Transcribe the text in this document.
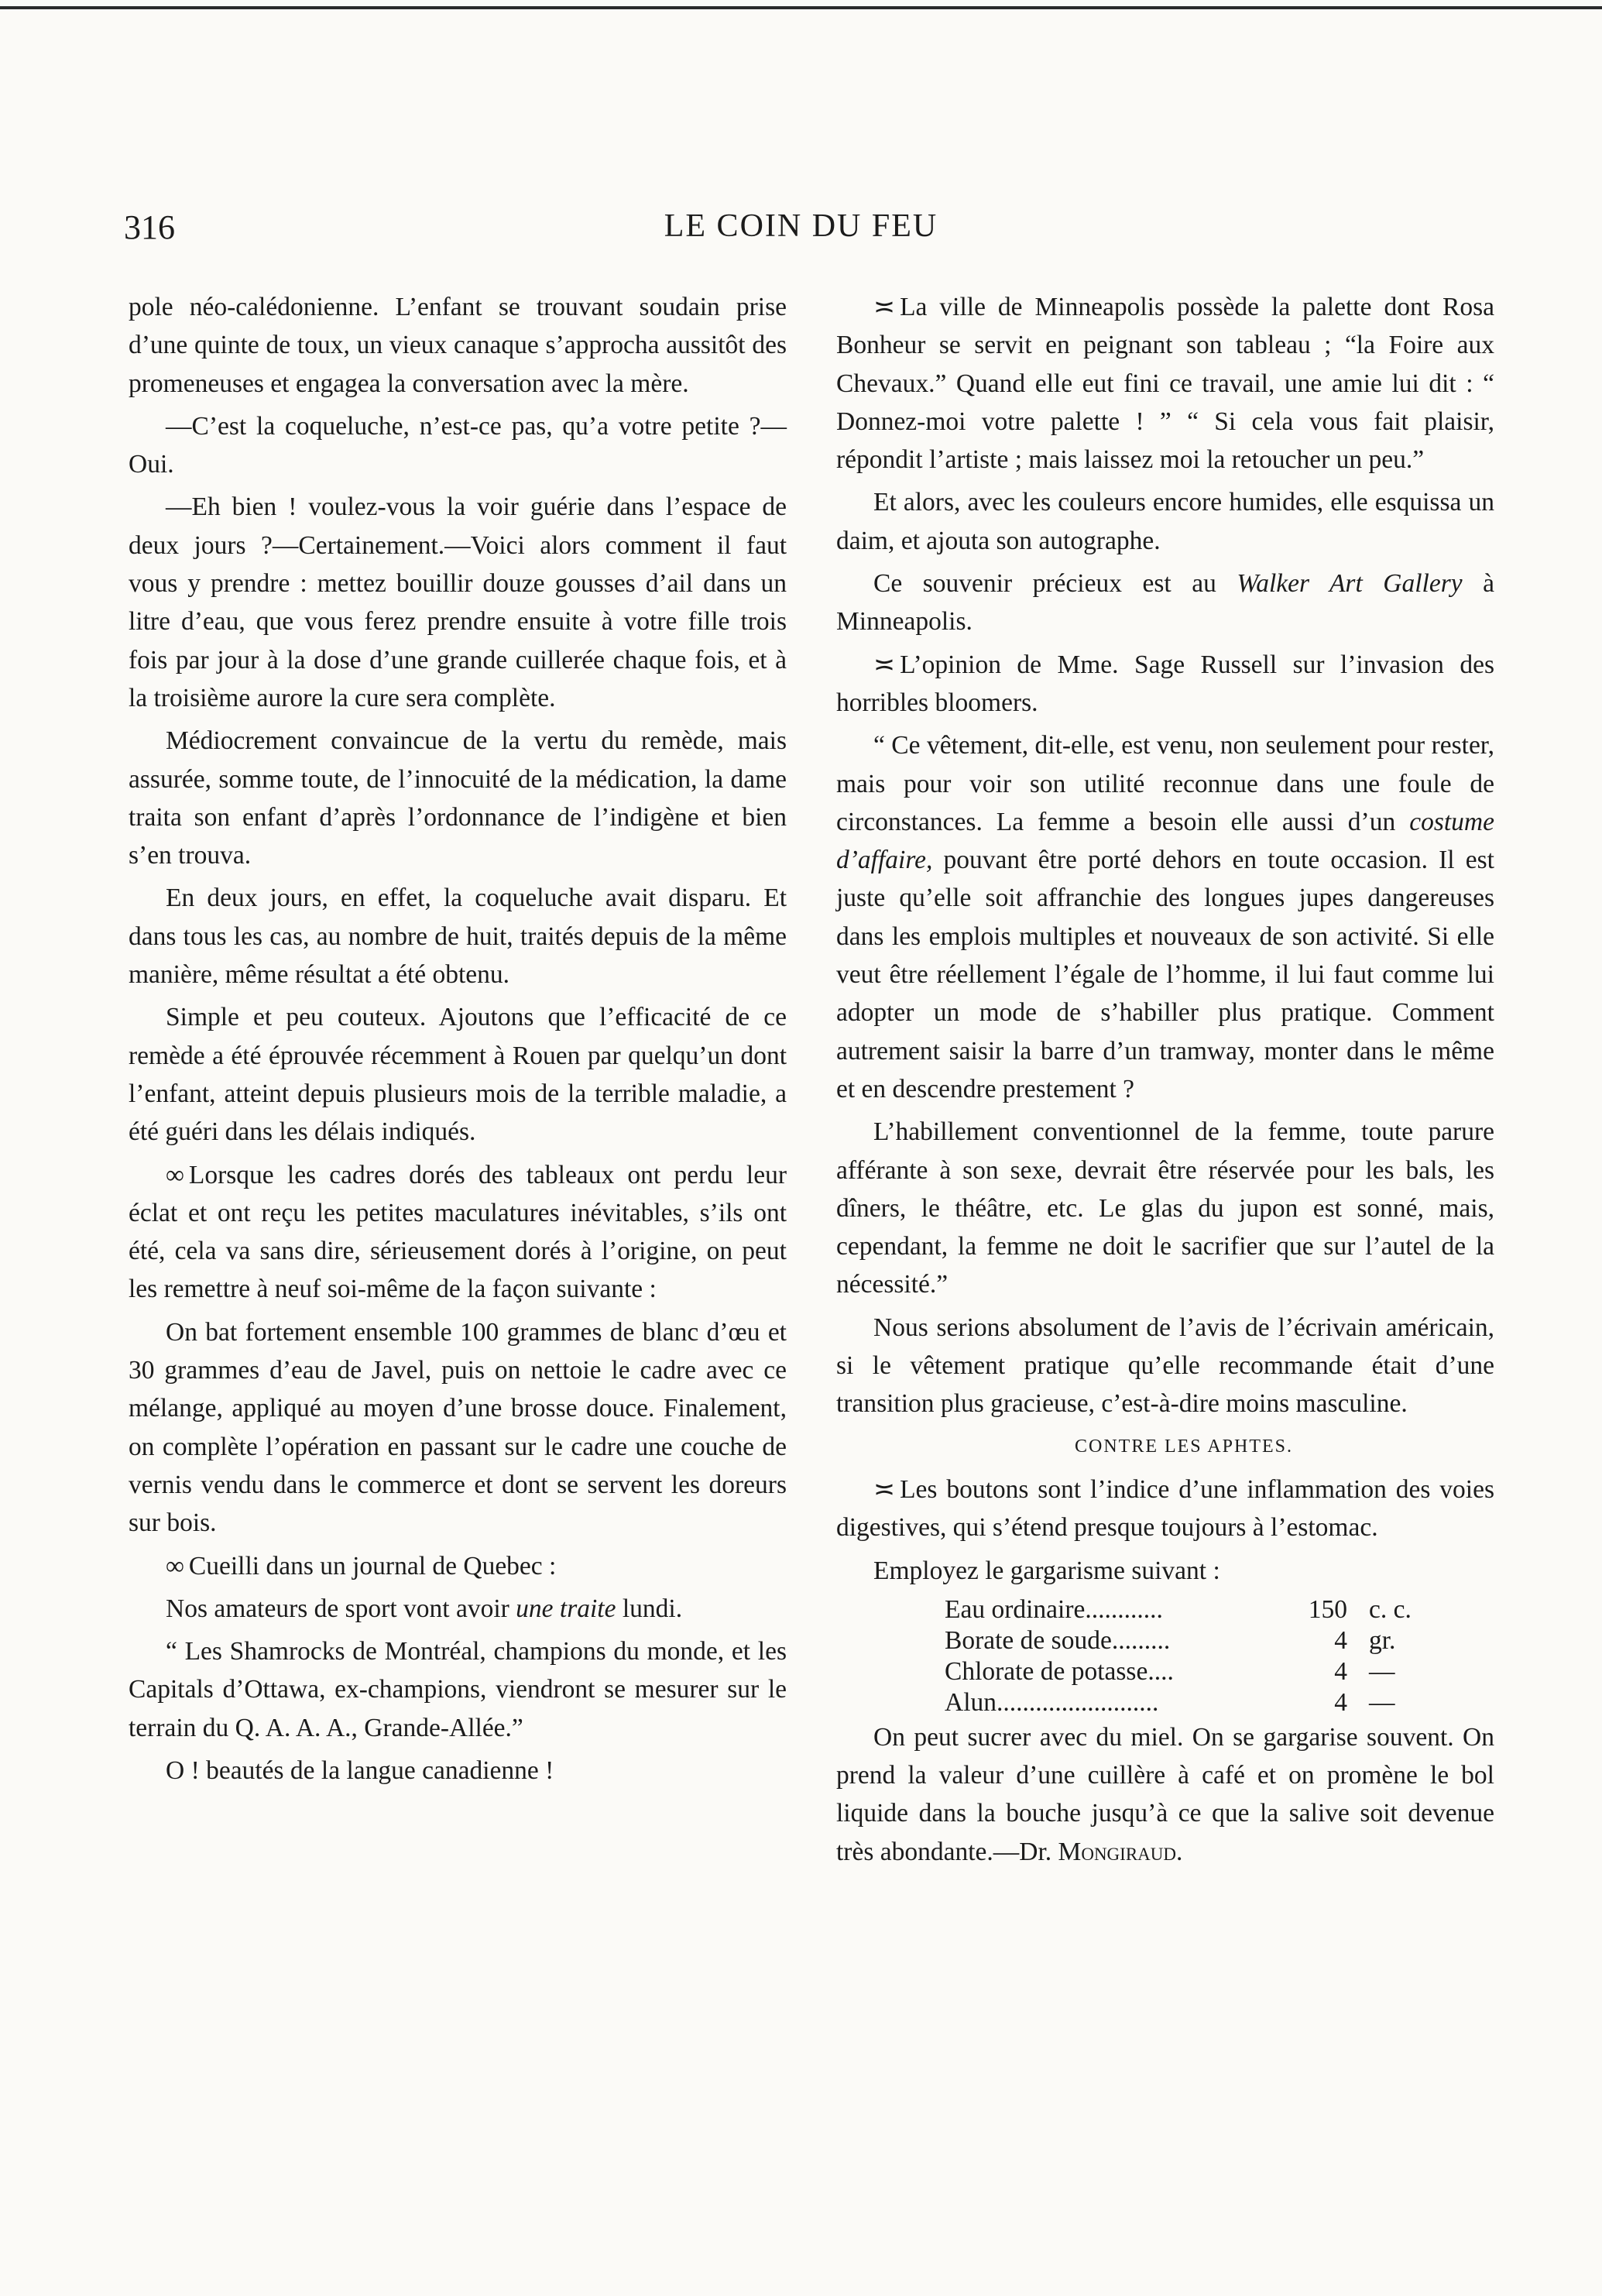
316	LE COIN DU FEU

pole néo-calédonienne. L’enfant se trouvant soudain prise d’une quinte de toux, un vieux canaque s’approcha aussitôt des promeneuses et engagea la conversation avec la mère.

—C’est la coqueluche, n’est-ce pas, qu’a votre petite ?—Oui.

—Eh bien ! voulez-vous la voir guérie dans l’espace de deux jours ?—Certainement.—Voici alors comment il faut vous y prendre : mettez bouillir douze gousses d’ail dans un litre d’eau, que vous ferez prendre ensuite à votre fille trois fois par jour à la dose d’une grande cuillerée chaque fois, et à la troisième aurore la cure sera complète.

Médiocrement convaincue de la vertu du remède, mais assurée, somme toute, de l’innocuité de la médication, la dame traita son enfant d’après l’ordonnance de l’indigène et bien s’en trouva.

En deux jours, en effet, la coqueluche avait disparu. Et dans tous les cas, au nombre de huit, traités depuis de la même manière, même résultat a été obtenu.

Simple et peu couteux. Ajoutons que l’efficacité de ce remède a été éprouvée récemment à Rouen par quelqu’un dont l’enfant, atteint depuis plusieurs mois de la terrible maladie, a été guéri dans les délais indiqués.

∞ Lorsque les cadres dorés des tableaux ont perdu leur éclat et ont reçu les petites maculatures inévitables, s’ils ont été, cela va sans dire, sérieusement dorés à l’origine, on peut les remettre à neuf soi-même de la façon suivante :

On bat fortement ensemble 100 grammes de blanc d’œu et 30 grammes d’eau de Javel, puis on nettoie le cadre avec ce mélange, appliqué au moyen d’une brosse douce. Finalement, on complète l’opération en passant sur le cadre une couche de vernis vendu dans le commerce et dont se servent les doreurs sur bois.

∞ Cueilli dans un journal de Quebec :

Nos amateurs de sport vont avoir une traite lundi.

“ Les Shamrocks de Montréal, champions du monde, et les Capitals d’Ottawa, ex-champions, viendront se mesurer sur le terrain du Q. A. A. A., Grande-Allée.”

O ! beautés de la langue canadienne !

≍ La ville de Minneapolis possède la palette dont Rosa Bonheur se servit en peignant son tableau ; “la Foire aux Chevaux.” Quand elle eut fini ce travail, une amie lui dit : “ Donnez-moi votre palette ! ” “ Si cela vous fait plaisir, répondit l’artiste ; mais laissez moi la retoucher un peu.”

Et alors, avec les couleurs encore humides, elle esquissa un daim, et ajouta son autographe.

Ce souvenir précieux est au Walker Art Gallery à Minneapolis.

≍ L’opinion de Mme. Sage Russell sur l’invasion des horribles bloomers.

“ Ce vêtement, dit-elle, est venu, non seulement pour rester, mais pour voir son utilité reconnue dans une foule de circonstances. La femme a besoin elle aussi d’un costume d’affaire, pouvant être porté dehors en toute occasion. Il est juste qu’elle soit affranchie des longues jupes dangereuses dans les emplois multiples et nouveaux de son activité. Si elle veut être réellement l’égale de l’homme, il lui faut comme lui adopter un mode de s’habiller plus pratique. Comment autrement saisir la barre d’un tramway, monter dans le même et en descendre prestement ?

L’habillement conventionnel de la femme, toute parure afférante à son sexe, devrait être réservée pour les bals, les dîners, le théâtre, etc. Le glas du jupon est sonné, mais, cependant, la femme ne doit le sacrifier que sur l’autel de la nécessité.”

Nous serions absolument de l’avis de l’écrivain américain, si le vêtement pratique qu’elle recommande était d’une transition plus gracieuse, c’est-à-dire moins masculine.

CONTRE LES APHTES.

≍ Les boutons sont l’indice d’une inflammation des voies digestives, qui s’étend presque toujours à l’estomac.

Employez le gargarisme suivant :

Eau ordinaire............	150	c. c.
Borate de soude.........	4	gr.
Chlorate de potasse....	4	—
Alun.........................	4	—

On peut sucrer avec du miel. On se gargarise souvent. On prend la valeur d’une cuillère à café et on promène le bol liquide dans la bouche jusqu’à ce que la salive soit devenue très abondante.—Dr. Mongiraud.
